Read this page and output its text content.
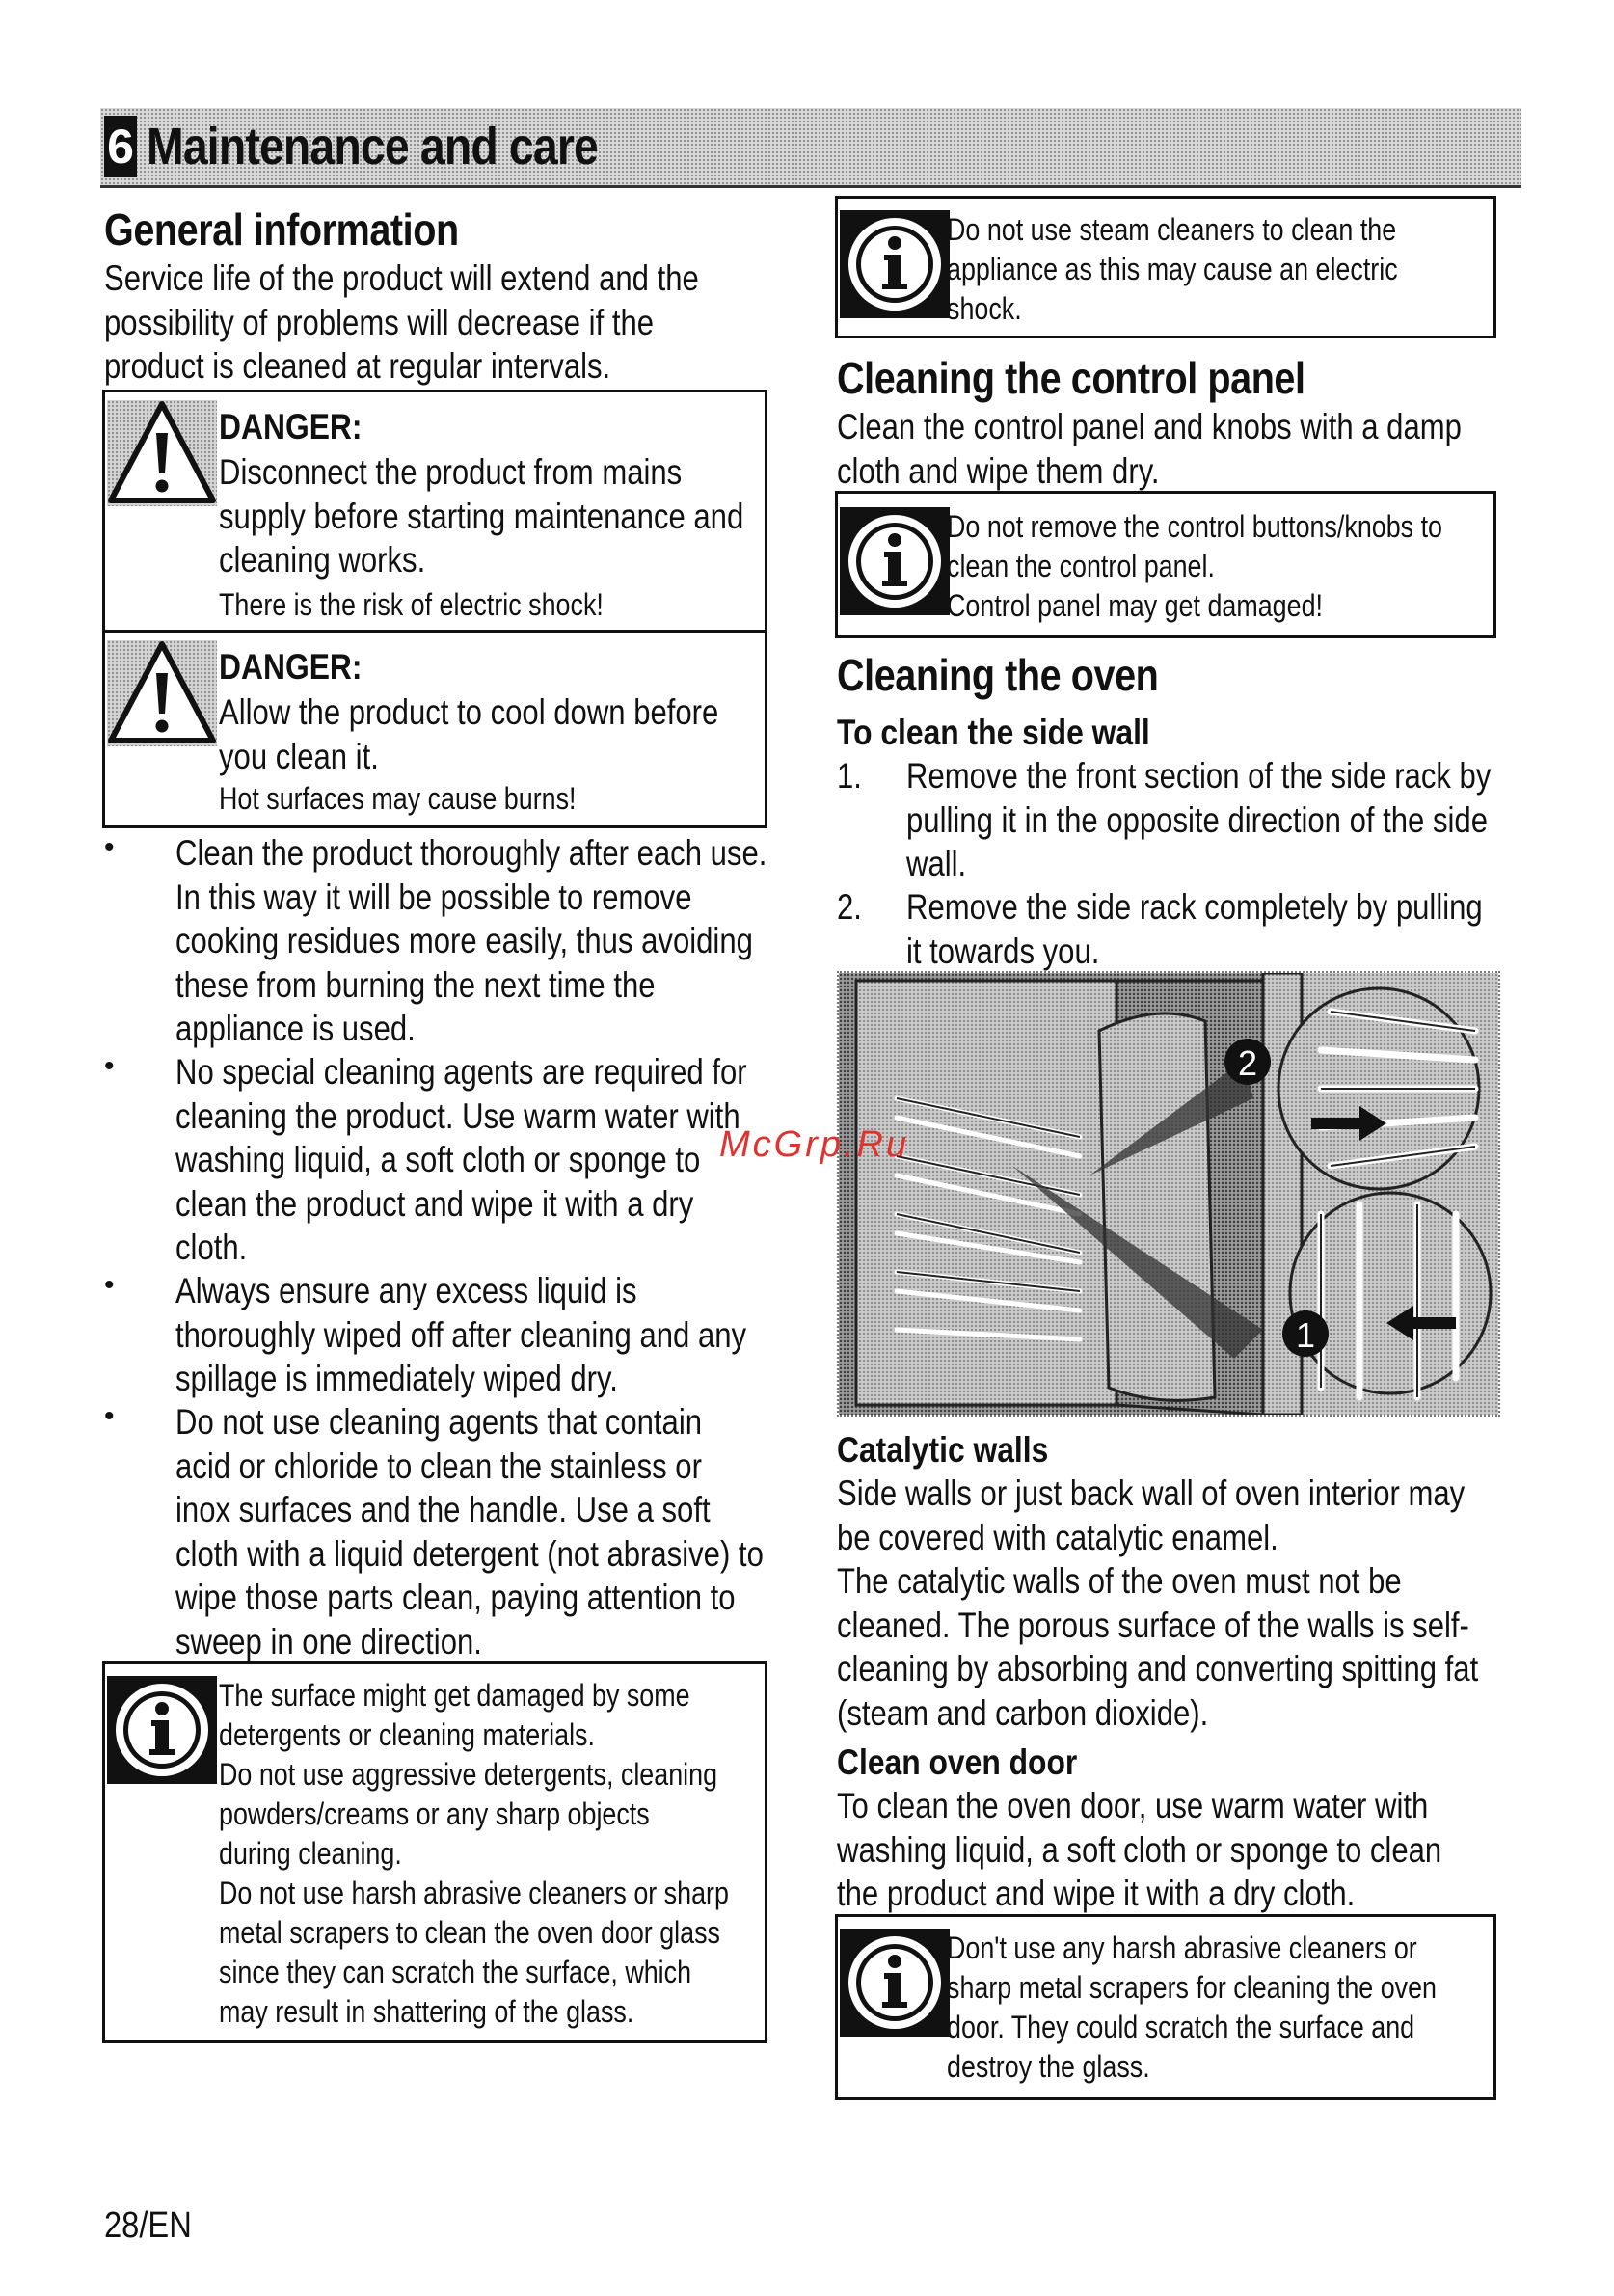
6 Maintenance and care
General information
Service life of the product will extend and the
possibility of problems will decrease if the
product is cleaned at regular intervals.
DANGER:
Disconnect the product from mains
supply before starting maintenance and
cleaning works.
There is the risk of electric shock!
DANGER:
Allow the product to cool down before
you clean it.
Hot surfaces may cause burns!
• Clean the product thoroughly after each use.
In this way it will be possible to remove
cooking residues more easily, thus avoiding
these from burning the next time the
appliance is used.
• No special cleaning agents are required for
cleaning the product. Use warm water with
washing liquid, a soft cloth or sponge to
clean the product and wipe it with a dry
cloth.
• Always ensure any excess liquid is
thoroughly wiped off after cleaning and any
spillage is immediately wiped dry.
• Do not use cleaning agents that contain
acid or chloride to clean the stainless or
inox surfaces and the handle. Use a soft
cloth with a liquid detergent (not abrasive) to
wipe those parts clean, paying attention to
sweep in one direction.
The surface might get damaged by some
detergents or cleaning materials.
Do not use aggressive detergents, cleaning
powders/creams or any sharp objects
during cleaning.
Do not use harsh abrasive cleaners or sharp
metal scrapers to clean the oven door glass
since they can scratch the surface, which
may result in shattering of the glass.
Do not use steam cleaners to clean the
appliance as this may cause an electric
shock.
Cleaning the control panel
Clean the control panel and knobs with a damp
cloth and wipe them dry.
Do not remove the control buttons/knobs to
clean the control panel.
Control panel may get damaged!
Cleaning the oven
To clean the side wall
1. Remove the front section of the side rack by
pulling it in the opposite direction of the side
wall.
2. Remove the side rack completely by pulling
it towards you.
2
1
McGrp.Ru
Catalytic walls
Side walls or just back wall of oven interior may
be covered with catalytic enamel.
The catalytic walls of the oven must not be
cleaned. The porous surface of the walls is self-
cleaning by absorbing and converting spitting fat
(steam and carbon dioxide).
Clean oven door
To clean the oven door, use warm water with
washing liquid, a soft cloth or sponge to clean
the product and wipe it with a dry cloth.
Don't use any harsh abrasive cleaners or
sharp metal scrapers for cleaning the oven
door. They could scratch the surface and
destroy the glass.
28/EN
